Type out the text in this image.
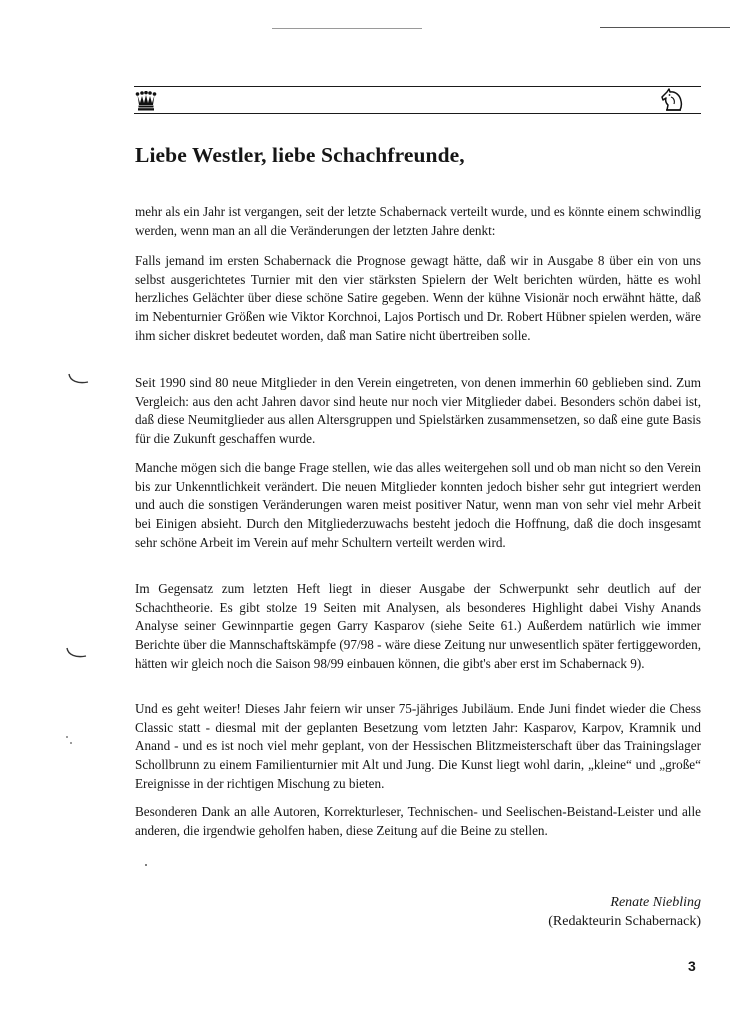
Liebe Westler, liebe Schachfreunde,

mehr als ein Jahr ist vergangen, seit der letzte Schabernack verteilt wurde, und es könnte einem schwindlig werden, wenn man an all die Veränderungen der letzten Jahre denkt:

Falls jemand im ersten Schabernack die Prognose gewagt hätte, daß wir in Ausgabe 8 über ein von uns selbst ausgerichtetes Turnier mit den vier stärksten Spielern der Welt berichten würden, hätte es wohl herzliches Gelächter über diese schöne Satire gegeben. Wenn der kühne Visionär noch erwähnt hätte, daß im Nebenturnier Größen wie Viktor Korchnoi, Lajos Portisch und Dr. Robert Hübner spielen werden, wäre ihm sicher diskret bedeutet worden, daß man Satire nicht übertreiben solle.

Seit 1990 sind 80 neue Mitglieder in den Verein eingetreten, von denen immerhin 60 geblieben sind. Zum Vergleich: aus den acht Jahren davor sind heute nur noch vier Mitglieder dabei. Besonders schön dabei ist, daß diese Neumitglieder aus allen Altersgruppen und Spielstärken zusammensetzen, so daß eine gute Basis für die Zukunft geschaffen wurde.

Manche mögen sich die bange Frage stellen, wie das alles weitergehen soll und ob man nicht so den Verein bis zur Unkenntlichkeit verändert. Die neuen Mitglieder konnten jedoch bisher sehr gut integriert werden und auch die sonstigen Veränderungen waren meist positiver Natur, wenn man von sehr viel mehr Arbeit bei Einigen absieht. Durch den Mitgliederzuwachs besteht jedoch die Hoffnung, daß die doch insgesamt sehr schöne Arbeit im Verein auf mehr Schultern verteilt werden wird.

Im Gegensatz zum letzten Heft liegt in dieser Ausgabe der Schwerpunkt sehr deutlich auf der Schachtheorie. Es gibt stolze 19 Seiten mit Analysen, als besonderes Highlight dabei Vishy Anands Analyse seiner Gewinnpartie gegen Garry Kasparov (siehe Seite 61.) Außerdem natürlich wie immer Berichte über die Mannschaftskämpfe (97/98 - wäre diese Zeitung nur unwesentlich später fertiggeworden, hätten wir gleich noch die Saison 98/99 einbauen können, die gibt's aber erst im Schabernack 9).

Und es geht weiter! Dieses Jahr feiern wir unser 75-jähriges Jubiläum. Ende Juni findet wieder die Chess Classic statt - diesmal mit der geplanten Besetzung vom letzten Jahr: Kasparov, Karpov, Kramnik und Anand - und es ist noch viel mehr geplant, von der Hessischen Blitzmeisterschaft über das Trainingslager Schollbrunn zu einem Familienturnier mit Alt und Jung. Die Kunst liegt wohl darin, „kleine“ und „große“ Ereignisse in der richtigen Mischung zu bieten.

Besonderen Dank an alle Autoren, Korrekturleser, Technischen- und Seelischen-Beistand-Leister und alle anderen, die irgendwie geholfen haben, diese Zeitung auf die Beine zu stellen.

Renate Niebling
(Redakteurin Schabernack)
3
